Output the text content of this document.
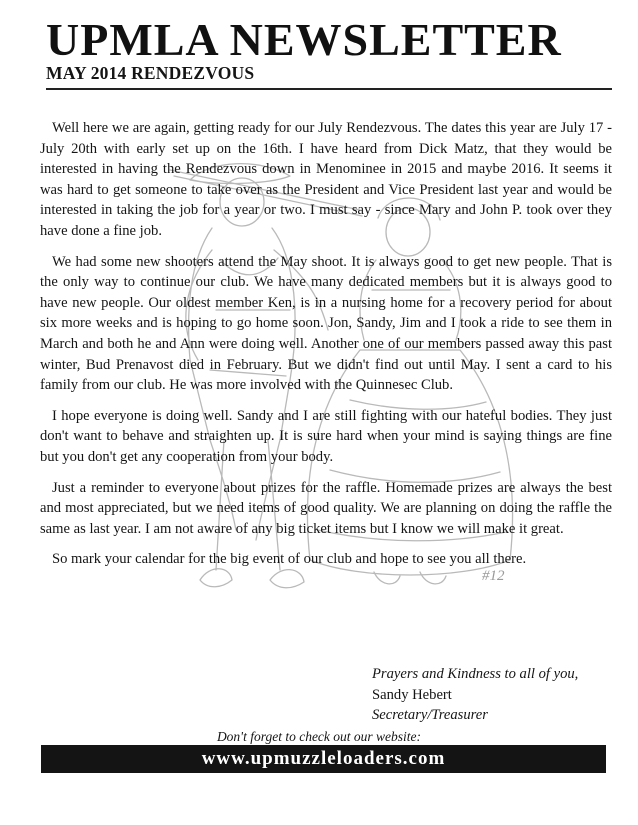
UPMLA NEWSLETTER
MAY 2014 RENDEZVOUS
#12

Well here we are again, getting ready for our July Rendezvous. The dates this year are July 17 - July 20th with early set up on the 16th. I have heard from Dick Matz, that they would be interested in having the Rendezvous down in Menominee in 2015 and maybe 2016. It seems it was hard to get someone to take over as the President and Vice President last year and would be interested in taking the job for a year or two. I must say - since Mary and John P. took over they have done a fine job.

We had some new shooters attend the May shoot. It is always good to get new people. That is the only way to continue our club. We have many dedicated members but it is always good to have new people. Our oldest member Ken, is in a nursing home for a recovery period for about six more weeks and is hoping to go home soon. Jon, Sandy, Jim and I took a ride to see them in March and both he and Ann were doing well. Another one of our members passed away this past winter, Bud Prenavost died in February. But we didn't find out until May. I sent a card to his family from our club. He was more involved with the Quinnesec Club.

I hope everyone is doing well. Sandy and I are still fighting with our hateful bodies. They just don't want to behave and straighten up. It is sure hard when your mind is saying things are fine but you don't get any cooperation from your body.

Just a reminder to everyone about prizes for the raffle. Homemade prizes are always the best and most appreciated, but we need items of good quality. We are planning on doing the raffle the same as last year. I am not aware of any big ticket items but I know we will make it great.

So mark your calendar for the big event of our club and hope to see you all there.

Prayers and Kindness to all of you,
Sandy Hebert
Secretary/Treasurer
Don't forget to check out our website:
www.upmuzzleloaders.com
